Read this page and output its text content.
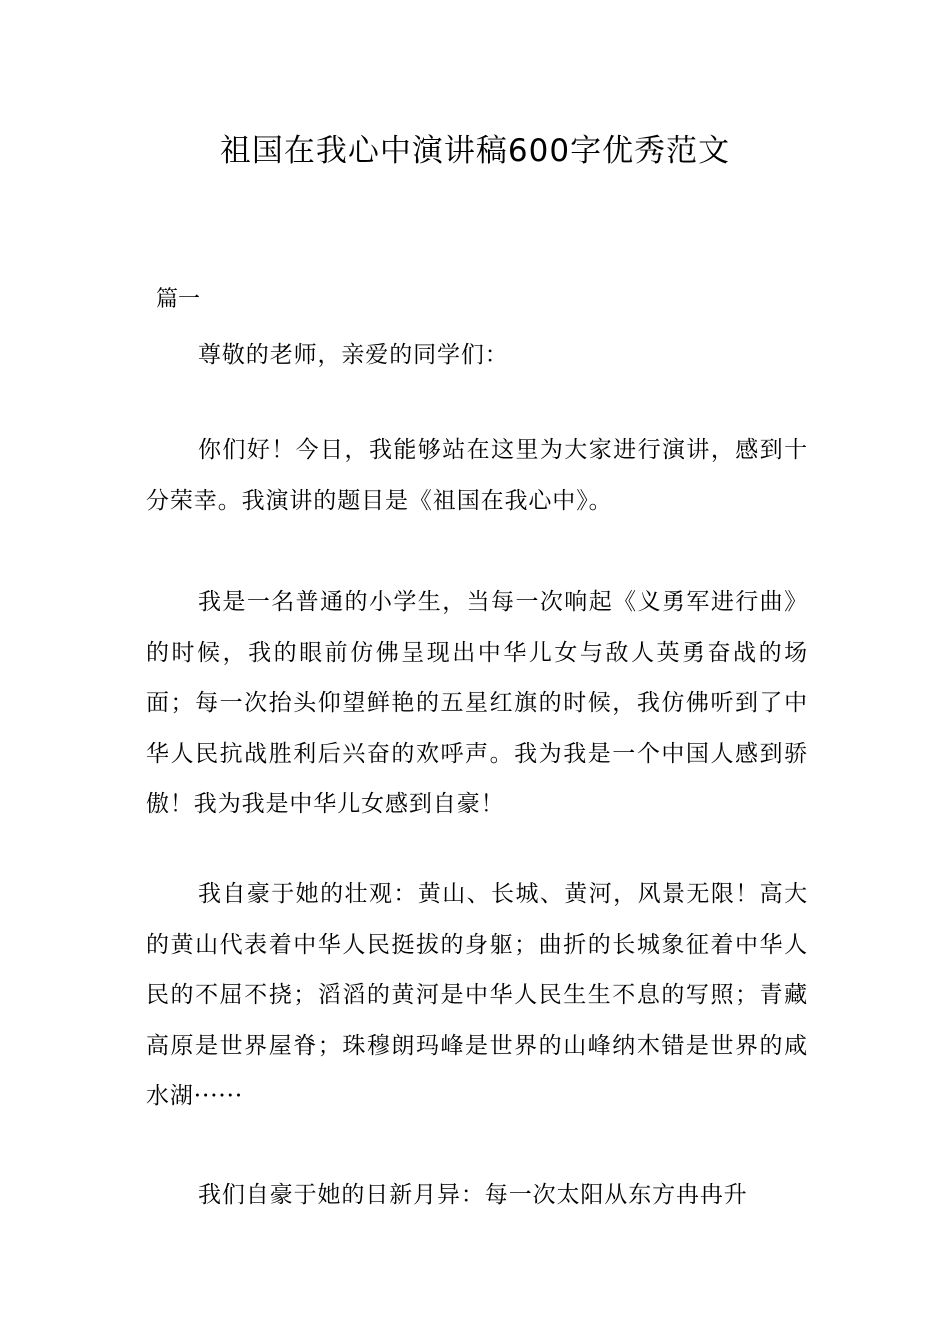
祖国在我心中演讲稿600字优秀范文
篇一

尊敬的老师，亲爱的同学们：

你们好！今日，我能够站在这里为大家进行演讲，感到十分荣幸。我演讲的题目是《祖国在我心中》。

我是一名普通的小学生，当每一次响起《义勇军进行曲》的时候，我的眼前仿佛呈现出中华儿女与敌人英勇奋战的场面；每一次抬头仰望鲜艳的五星红旗的时候，我仿佛听到了中华人民抗战胜利后兴奋的欢呼声。我为我是一个中国人感到骄傲！我为我是中华儿女感到自豪！

我自豪于她的壮观：黄山、长城、黄河，风景无限！高大的黄山代表着中华人民挺拔的身躯；曲折的长城象征着中华人民的不屈不挠；滔滔的黄河是中华人民生生不息的写照；青藏高原是世界屋脊；珠穆朗玛峰是世界的山峰纳木错是世界的咸水湖······

我们自豪于她的日新月异：每一次太阳从东方冉冉升
